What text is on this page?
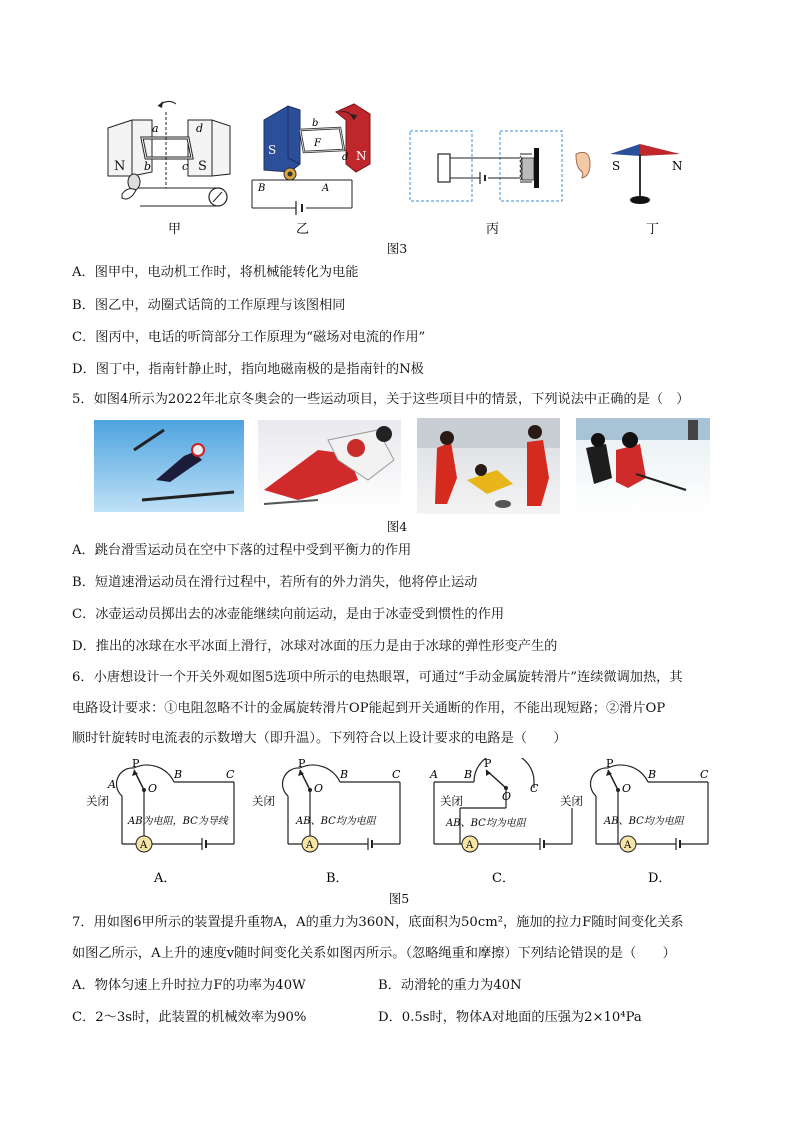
N	S
a	d
b	c
甲
S	N
b
d
F
B	A
乙	丙
S	N
丁
图3
A．图甲中，电动机工作时，将机械能转化为电能
B．图乙中，动圈式话筒的工作原理与该图相同
C．图丙中，电话的听筒部分工作原理为“磁场对电流的作用”
D．图丁中，指南针静止时，指向地磁南极的是指南针的N极
5．如图4所示为2022年北京冬奥会的一些运动项目，关于这些项目中的情景，下列说法中正确的是（　）
图4
A．跳台滑雪运动员在空中下落的过程中受到平衡力的作用
B．短道速滑运动员在滑行过程中，若所有的外力消失，他将停止运动
C．冰壶运动员掷出去的冰壶能继续向前运动，是由于冰壶受到惯性的作用
D．推出的冰球在水平冰面上滑行，冰球对冰面的压力是由于冰球的弹性形变产生的
6．小唐想设计一个开关外观如图5选项中所示的电热眼罩，可通过“手动金属旋转滑片”连续微调加热，其
电路设计要求：①电阻忽略不计的金属旋转滑片OP能起到开关通断的作用，不能出现短路；②滑片OP
顺时针旋转时电流表的示数增大（即升温）。下列符合以上设计要求的电路是（　　）
A
A
P
O
B	C
关闭
AB为电阻，BC为导线
A．
A
P
O
B	C
关闭
AB、BC均为电阻
B．
A
A B
P
O
C
关闭
AB、BC均为电阻
C．
A
P
O
B	C
关闭
AB、BC均为电阻
D．
图5
7．用如图6甲所示的装置提升重物A，A的重力为360N，底面积为50cm²，施加的拉力F随时间变化关系
如图乙所示，A上升的速度v随时间变化关系如图丙所示。（忽略绳重和摩擦）下列结论错误的是（　　）
A．物体匀速上升时拉力F的功率为40W	B．动滑轮的重力为40N
C．2～3s时，此装置的机械效率为90%	D．0.5s时，物体A对地面的压强为2×10⁴Pa
